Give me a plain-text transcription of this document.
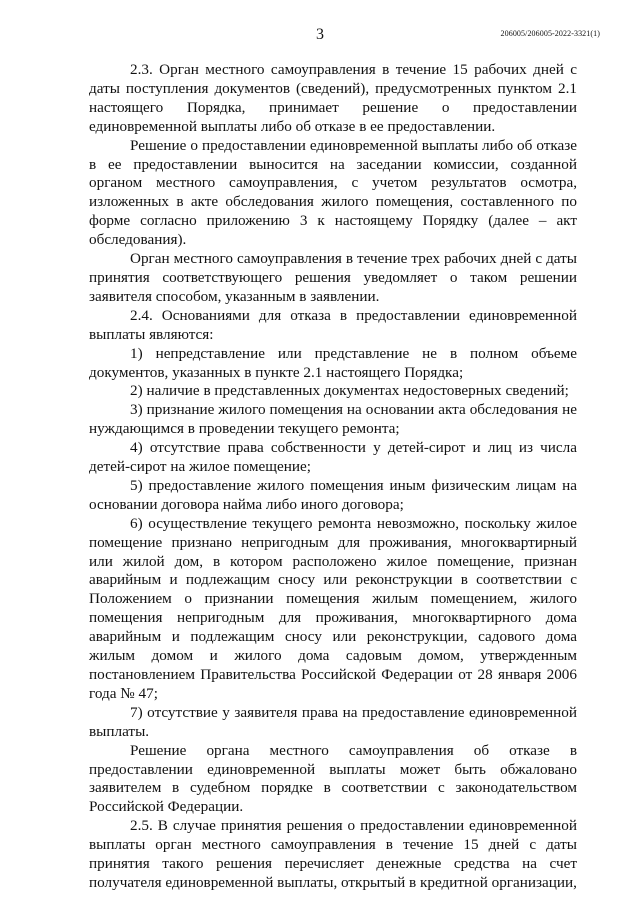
3	206005/206005-2022-3321(1)

2.3. Орган местного самоуправления в течение 15 рабочих дней с даты поступления документов (сведений), предусмотренных пунктом 2.1 настоящего Порядка, принимает решение о предоставлении единовременной выплаты либо об отказе в ее предоставлении.

Решение о предоставлении единовременной выплаты либо об отказе в ее предоставлении выносится на заседании комиссии, созданной органом местного самоуправления, с учетом результатов осмотра, изложенных в акте обследования жилого помещения, составленного по форме согласно приложению 3 к настоящему Порядку (далее – акт обследования).

Орган местного самоуправления в течение трех рабочих дней с даты принятия соответствующего решения уведомляет о таком решении заявителя способом, указанным в заявлении.

2.4. Основаниями для отказа в предоставлении единовременной выплаты являются:

1) непредставление или представление не в полном объеме документов, указанных в пункте 2.1 настоящего Порядка;

2) наличие в представленных документах недостоверных сведений;

3) признание жилого помещения на основании акта обследования не нуждающимся в проведении текущего ремонта;

4) отсутствие права собственности у детей-сирот и лиц из числа детей-сирот на жилое помещение;

5) предоставление жилого помещения иным физическим лицам на основании договора найма либо иного договора;

6) осуществление текущего ремонта невозможно, поскольку жилое помещение признано непригодным для проживания, многоквартирный или жилой дом, в котором расположено жилое помещение, признан аварийным и подлежащим сносу или реконструкции в соответствии с Положением о признании помещения жилым помещением, жилого помещения непригодным для проживания, многоквартирного дома аварийным и подлежащим сносу или реконструкции, садового дома жилым домом и жилого дома садовым домом, утвержденным постановлением Правительства Российской Федерации от 28 января 2006 года № 47;

7) отсутствие у заявителя права на предоставление единовременной выплаты.

Решение органа местного самоуправления об отказе в предоставлении единовременной выплаты может быть обжаловано заявителем в судебном порядке в соответствии с законодательством Российской Федерации.

2.5. В случае принятия решения о предоставлении единовременной выплаты орган местного самоуправления в течение 15 дней с даты принятия такого решения перечисляет денежные средства на счет получателя единовременной выплаты, открытый в кредитной организации,
